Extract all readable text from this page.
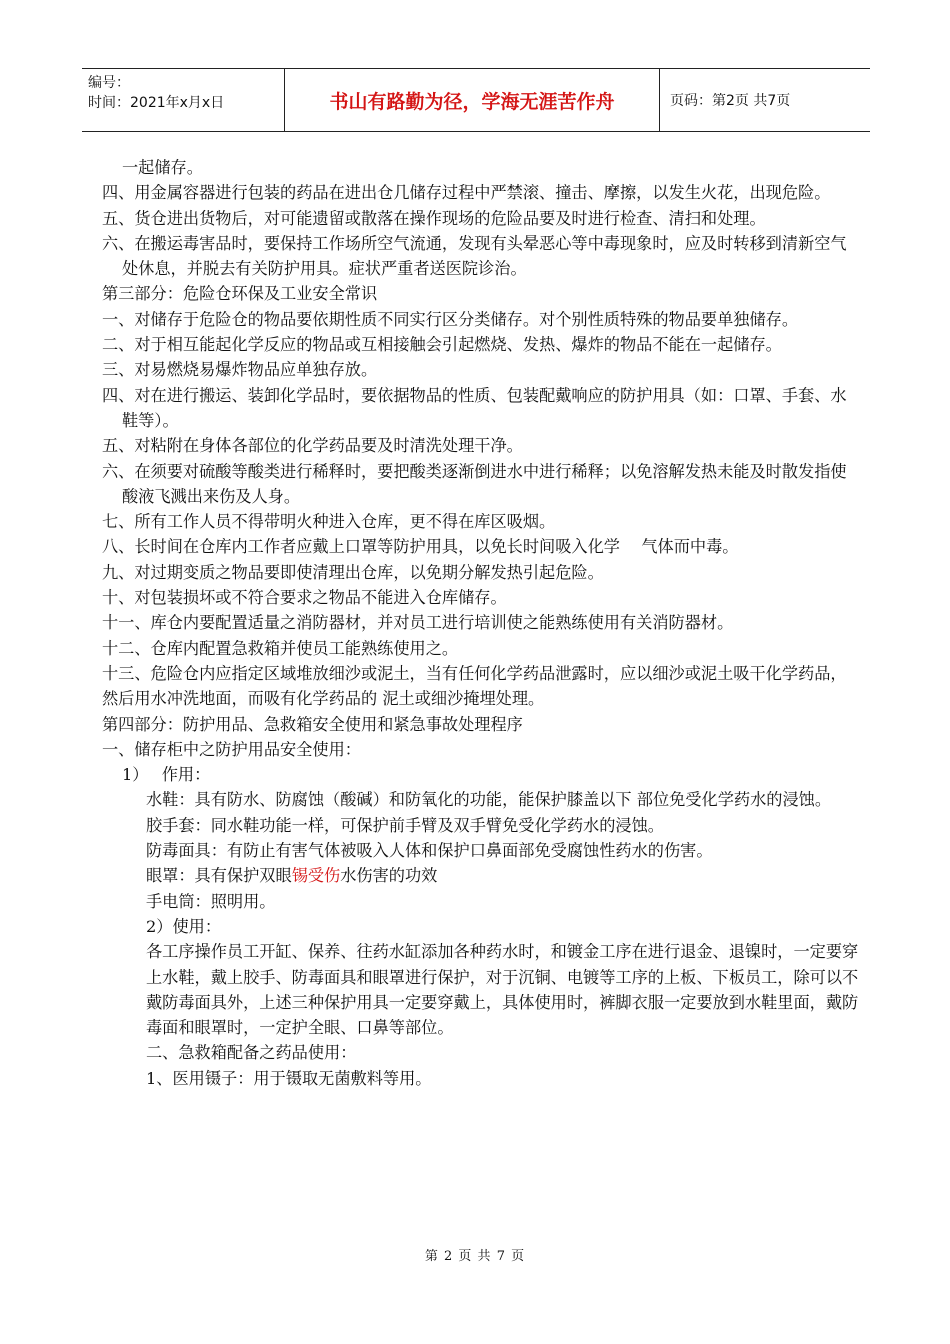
编号：
时间：2021年x月x日	书山有路勤为径，学海无涯苦作舟	页码：第2页 共7页

一起储存。

四、用金属容器进行包装的药品在进出仓几储存过程中严禁滚、撞击、摩擦，以发生火花，出现危险。

五、货仓进出货物后，对可能遗留或散落在操作现场的危险品要及时进行检查、清扫和处理。

六、在搬运毒害品时，要保持工作场所空气流通，发现有头晕恶心等中毒现象时，应及时转移到清新空气处休息，并脱去有关防护用具。症状严重者送医院诊治。

第三部分：危险仓环保及工业安全常识

一、对储存于危险仓的物品要依期性质不同实行区分类储存。对个别性质特殊的物品要单独储存。

二、对于相互能起化学反应的物品或互相接触会引起燃烧、发热、爆炸的物品不能在一起储存。

三、对易燃烧易爆炸物品应单独存放。

四、对在进行搬运、装卸化学品时，要依据物品的性质、包装配戴响应的防护用具（如：口罩、手套、水鞋等）。

五、对粘附在身体各部位的化学药品要及时清洗处理干净。

六、在须要对硫酸等酸类进行稀释时，要把酸类逐渐倒进水中进行稀释；以免溶解发热未能及时散发指使酸液飞溅出来伤及人身。

七、所有工作人员不得带明火种进入仓库，更不得在库区吸烟。

八、长时间在仓库内工作者应戴上口罩等防护用具，以免长时间吸入化学　 气体而中毒。

九、对过期变质之物品要即使清理出仓库，以免期分解发热引起危险。

十、对包装损坏或不符合要求之物品不能进入仓库储存。

十一、库仓内要配置适量之消防器材，并对员工进行培训使之能熟练使用有关消防器材。

十二、仓库内配置急救箱并使员工能熟练使用之。

十三、危险仓内应指定区域堆放细沙或泥土，当有任何化学药品泄露时，应以细沙或泥土吸干化学药品，然后用水冲洗地面，而吸有化学药品的 泥土或细沙掩埋处理。

第四部分：防护用品、急救箱安全使用和紧急事故处理程序

一、储存柜中之防护用品安全使用：

1）　 作用：

水鞋：具有防水、防腐蚀（酸碱）和防氧化的功能，能保护膝盖以下 部位免受化学药水的浸蚀。

胶手套：同水鞋功能一样，可保护前手臂及双手臂免受化学药水的浸蚀。

防毒面具：有防止有害气体被吸入人体和保护口鼻面部免受腐蚀性药水的伤害。

眼罩：具有保护双眼锡受伤水伤害的功效

手电筒：照明用。

2）使用：

各工序操作员工开缸、保养、往药水缸添加各种药水时，和镀金工序在进行退金、退镍时，一定要穿上水鞋，戴上胶手、防毒面具和眼罩进行保护，对于沉铜、电镀等工序的上板、下板员工，除可以不戴防毒面具外，上述三种保护用具一定要穿戴上，具体使用时，裤脚衣服一定要放到水鞋里面，戴防毒面和眼罩时，一定护全眼、口鼻等部位。

二、急救箱配备之药品使用：

1、医用镊子：用于镊取无菌敷料等用。

第 2 页 共 7 页
